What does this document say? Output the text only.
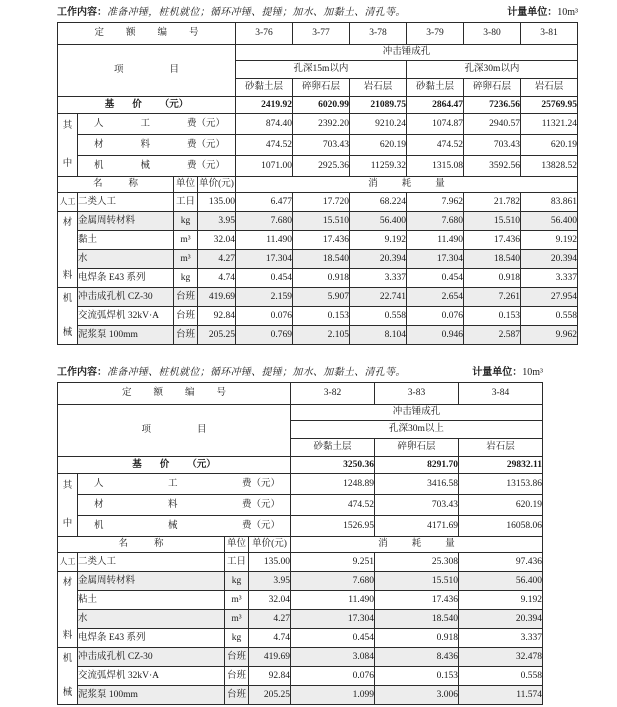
工作内容： 准备冲锤，桩机就位；循环冲锤、提锤；加水、加黏土、清孔等。	计量单位： 10m³
定 额 编 号				3-76	3-77	3-78	3-79	3-80	3-81

项 目				冲击锤成孔					
				孔深15m以内			孔深30m以内		
				砂黏土层	碎卵石层	岩石层	砂黏土层	碎卵石层	岩石层

基 价 （元）				2419.92	6020.99	21089.75	2864.47	7236.56	25769.95

其
中	人 工 费（元）			874.40	2392.20	9210.24	1074.87	2940.57	11321.24

	材 料 费（元）			474.52	703.43	620.19	474.52	703.43	620.19

	机 械 费（元）			1071.00	2925.36	11259.32	1315.08	3592.56	13828.52

名 称		单位	单价(元)	消 耗 量					

人工	二类人工	工日	135.00	6.477	17.720	68.224	7.962	21.782	83.861

材
料	金属周转材料	kg	3.95	7.680	15.510	56.400	7.680	15.510	56.400
	黏土	m³	32.04	11.490	17.436	9.192	11.490	17.436	9.192
	水	m³	4.27	17.304	18.540	20.394	17.304	18.540	20.394
	电焊条 E43 系列	kg	4.74	0.454	0.918	3.337	0.454	0.918	3.337

机
械	冲击成孔机 CZ-30	台班	419.69	2.159	5.907	22.741	2.654	7.261	27.954
	交流弧焊机 32kV·A	台班	92.84	0.076	0.153	0.558	0.076	0.153	0.558
	泥浆泵 100mm	台班	205.25	0.769	2.105	8.104	0.946	2.587	9.962
工作内容： 准备冲锤、桩机就位；循环冲锤、提锤；加水、加黏土、清孔等。	计量单位： 10m³
定 额 编 号				3-82	3-83	3-84

项 目				冲击锤成孔		
				孔深30m以上		
				砂黏土层	碎卵石层	岩石层

基 价 （元）				3250.36	8291.70	29832.11

其
中	人 工 费（元）			1248.89	3416.58	13153.86

	材 料 费（元）			474.52	703.43	620.19

	机 械 费（元）			1526.95	4171.69	16058.06

名 称		单位	单价(元)	消 耗 量		

人工	二类人工	工日	135.00	9.251	25.308	97.436

材
料	金属周转材料	kg	3.95	7.680	15.510	56.400
	粘土	m³	32.04	11.490	17.436	9.192
	水	m³	4.27	17.304	18.540	20.394
	电焊条 E43 系列	kg	4.74	0.454	0.918	3.337

机
械	冲击成孔机 CZ-30	台班	419.69	3.084	8.436	32.478
	交流弧焊机 32kV·A	台班	92.84	0.076	0.153	0.558
	泥浆泵 100mm	台班	205.25	1.099	3.006	11.574
